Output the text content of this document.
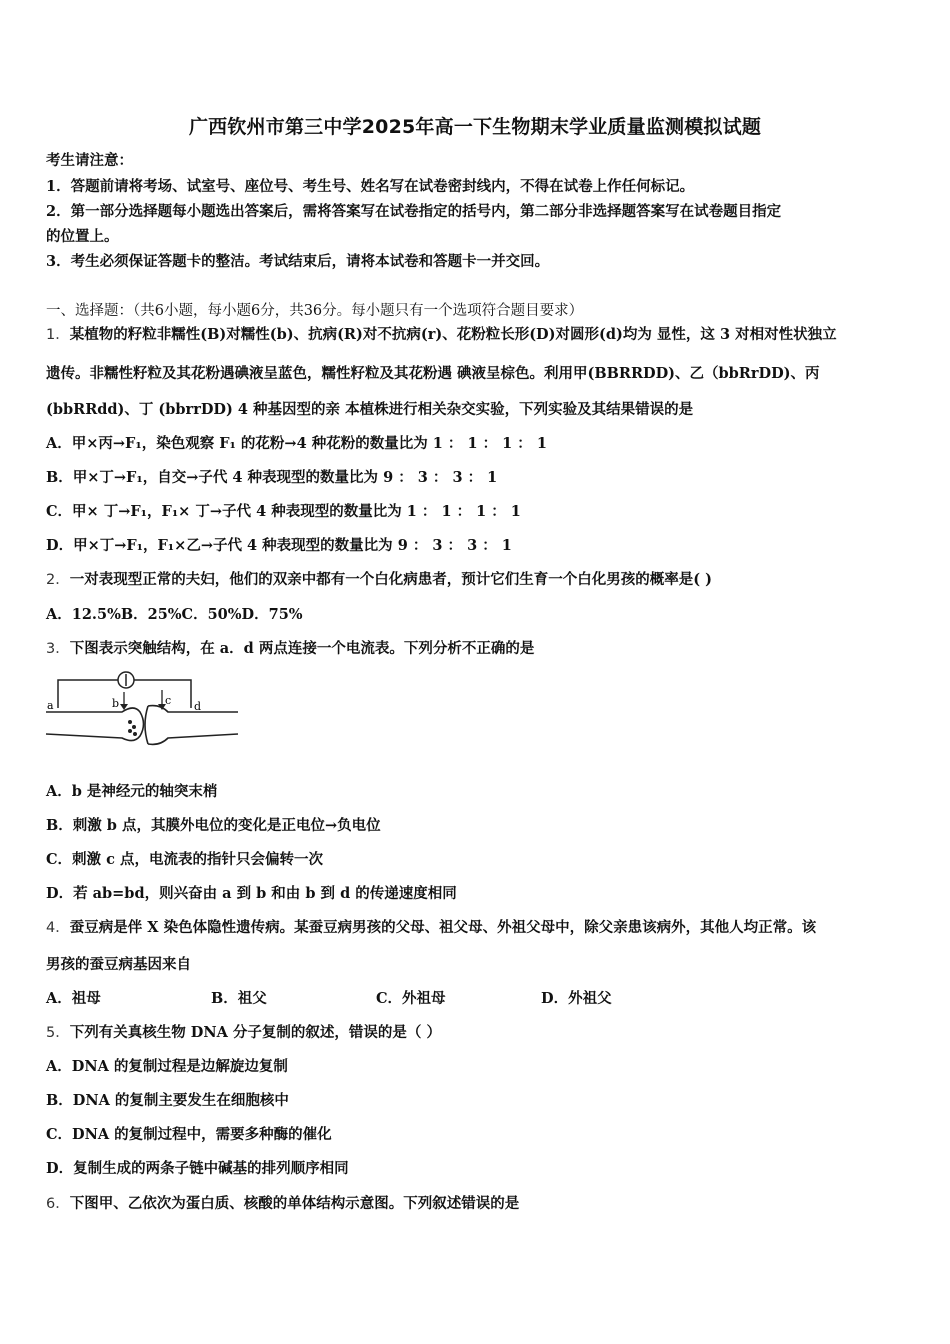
广西钦州市第三中学2025年高一下生物期末学业质量监测模拟试题
考生请注意：
1．答题前请将考场、试室号、座位号、考生号、姓名写在试卷密封线内，不得在试卷上作任何标记。
2．第一部分选择题每小题选出答案后，需将答案写在试卷指定的括号内，第二部分非选择题答案写在试卷题目指定
的位置上。
3．考生必须保证答题卡的整洁。考试结束后，请将本试卷和答题卡一并交回。
一、选择题：（共6小题，每小题6分，共36分。每小题只有一个选项符合题目要求）
1．某植物的籽粒非糯性(B)对糯性(b)、抗病(R)对不抗病(r)、花粉粒长形(D)对圆形(d)均为 显性，这 3 对相对性状独立
遗传。非糯性籽粒及其花粉遇碘液呈蓝色，糯性籽粒及其花粉遇 碘液呈棕色。利用甲(BBRRDD)、乙（bbRrDD)、丙
(bbRRdd)、丁 (bbrrDD) 4 种基因型的亲 本植株进行相关杂交实验，下列实验及其结果错误的是
A．甲×丙→F₁，染色观察 F₁ 的花粉→4 种花粉的数量比为 1 ： 1 ： 1 ： 1
B．甲×丁→F₁，自交→子代 4 种表现型的数量比为 9 ： 3 ： 3 ： 1
C．甲× 丁→F₁，F₁× 丁→子代 4 种表现型的数量比为 1 ： 1 ： 1 ： 1
D．甲×丁→F₁，F₁×乙→子代 4 种表现型的数量比为 9 ： 3 ： 3 ： 1
2．一对表现型正常的夫妇，他们的双亲中都有一个白化病患者，预计它们生育一个白化男孩的概率是( )
A．12.5%B．25%C．50%D．75%
3．下图表示突触结构，在 a．d 两点连接一个电流表。下列分析不正确的是
a	b	c d
A．b 是神经元的轴突末梢
B．刺激 b 点，其膜外电位的变化是正电位→负电位
C．刺激 c 点，电流表的指针只会偏转一次
D．若 ab=bd，则兴奋由 a 到 b 和由 b 到 d 的传递速度相同
4．蚕豆病是伴 X 染色体隐性遗传病。某蚕豆病男孩的父母、祖父母、外祖父母中，除父亲患该病外，其他人均正常。该
男孩的蚕豆病基因来自
A．祖母	B．祖父	C．外祖母	D．外祖父
5．下列有关真核生物 DNA 分子复制的叙述，错误的是（ ）
A．DNA 的复制过程是边解旋边复制
B．DNA 的复制主要发生在细胞核中
C．DNA 的复制过程中，需要多种酶的催化
D．复制生成的两条子链中碱基的排列顺序相同
6．下图甲、乙依次为蛋白质、核酸的单体结构示意图。下列叙述错误的是
